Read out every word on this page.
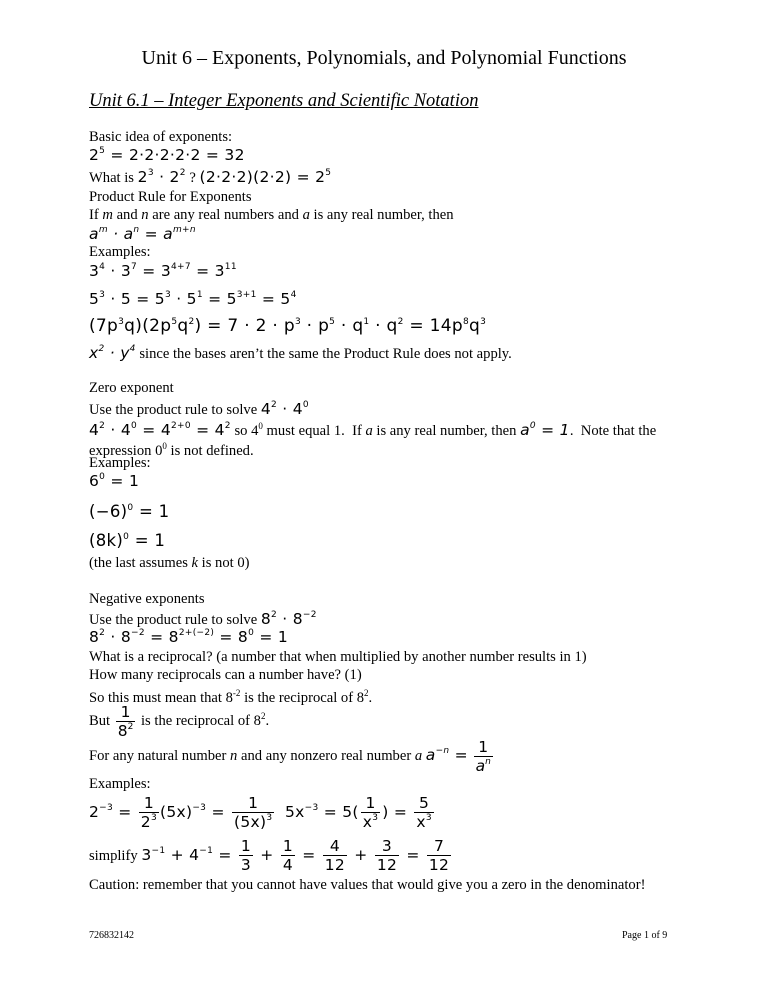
Unit 6 – Exponents, Polynomials, and Polynomial Functions
Unit 6.1 – Integer Exponents and Scientific Notation
Basic idea of exponents:
$2^5 = 2\cdot 2\cdot 2\cdot 2\cdot 2 = 32$
What is $2^3 \cdot 2^2$ ? $(2\cdot 2\cdot 2)(2\cdot 2) = 2^5$
Product Rule for Exponents
If m and n are any real numbers and a is any real number, then
$a^m \cdot a^n = a^{m+n}$
Examples:
$3^4 \cdot 3^7 = 3^{4+7} = 3^{11}$
$5^3 \cdot 5 = 5^3 \cdot 5^1 = 5^{3+1} = 5^4$
$(7p^3q)(2p^5q^2) = 7 \cdot 2 \cdot p^3 \cdot p^5 \cdot q^1 \cdot q^2 = 14p^8q^3$
$x^2 \cdot y^4$ since the bases aren’t the same the Product Rule does not apply.
Zero exponent
Use the product rule to solve $4^2 \cdot 4^0$
$4^2 \cdot 4^0 = 4^{2+0} = 4^2$ so $4^0$ must equal 1.  If a is any real number, then $a^0 = 1$.  Note that the
expression $0^0$ is not defined.
Examples:
$6^0 = 1$
$(-6)^0 = 1$
$(8k)^0 = 1$
(the last assumes k is not 0)
Negative exponents
Use the product rule to solve $8^2 \cdot 8^{-2}$
$8^2 \cdot 8^{-2} = 8^{2+(-2)} = 8^0 = 1$
What is a reciprocal? (a number that when multiplied by another number results in 1)
How many reciprocals can a number have? (1)
So this must mean that $8^{-2}$ is the reciprocal of $8^2$.
But $\frac{1}{8^2}$ is the reciprocal of $8^2$.
For any natural number n and any nonzero real number a $a^{-n} = \frac{1}{a^n}$
Examples:
$2^{-3} = \frac{1}{2^3} (5x)^{-3} = \frac{1}{(5x)^3} 5x^{-3} = 5( \frac{1}{x^3}$ ) = $\frac{5}{x^3}$
simplify $3^{-1} + 4^{-1} = \frac{1}{3} + \frac{1}{4} = \frac{4}{12} + \frac{3}{12} = \frac{7}{12}$
Caution: remember that you cannot have values that would give you a zero in the denominator!
726832142	Page 1 of 9
